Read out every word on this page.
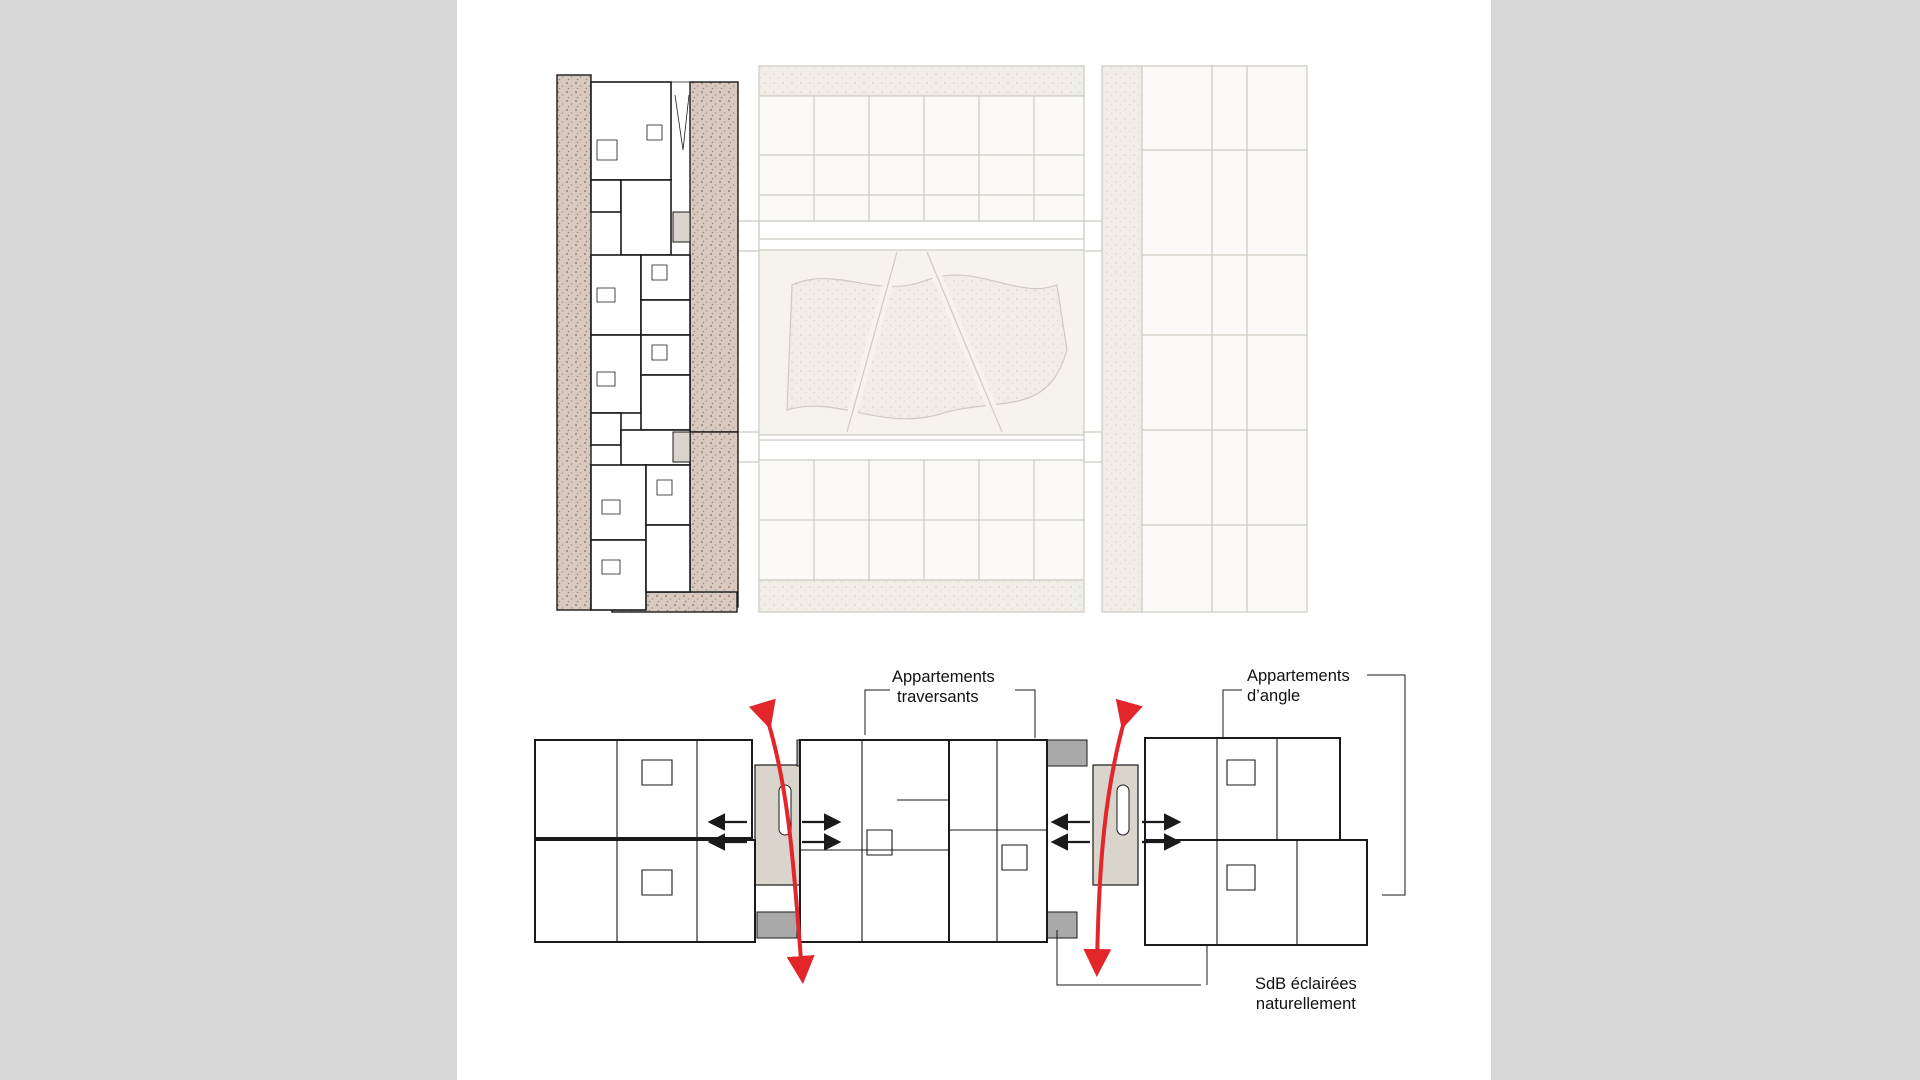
Appartements
traversants
Appartements
d’angle
SdB éclairées
naturellement
